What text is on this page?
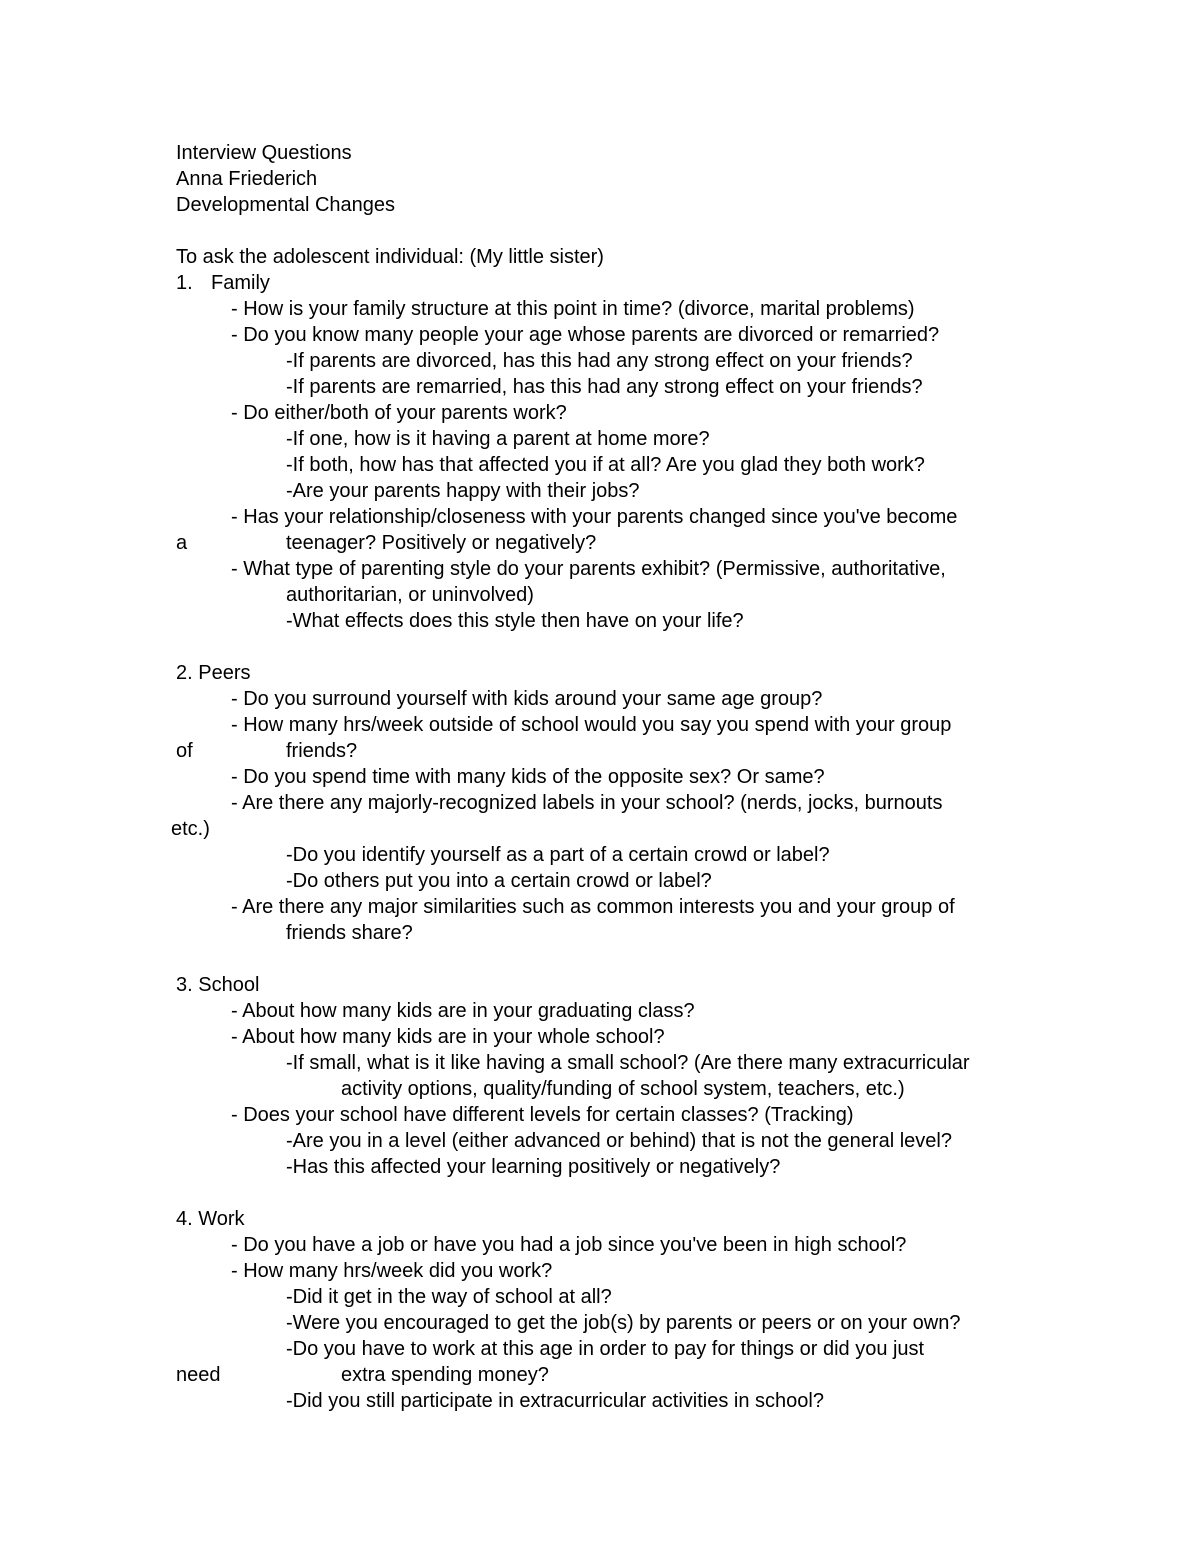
Interview Questions
Anna Friederich
Developmental Changes
To ask the adolescent individual: (My little sister)
1. Family
- How is your family structure at this point in time? (divorce, marital problems)
- Do you know many people your age whose parents are divorced or remarried?
-If parents are divorced, has this had any strong effect on your friends?
-If parents are remarried, has this had any strong effect on your friends?
- Do either/both of your parents work?
-If one, how is it having a parent at home more?
-If both, how has that affected you if at all? Are you glad they both work?
-Are your parents happy with their jobs?
- Has your relationship/closeness with your parents changed since you've become
a	teenager? Positively or negatively?
- What type of parenting style do your parents exhibit? (Permissive, authoritative,
authoritarian, or uninvolved)
-What effects does this style then have on your life?
2. Peers
- Do you surround yourself with kids around your same age group?
- How many hrs/week outside of school would you say you spend with your group
of	friends?
- Do you spend time with many kids of the opposite sex? Or same?
- Are there any majorly-recognized labels in your school? (nerds, jocks, burnouts
etc.)
-Do you identify yourself as a part of a certain crowd or label?
-Do others put you into a certain crowd or label?
- Are there any major similarities such as common interests you and your group of
friends share?
3. School
- About how many kids are in your graduating class?
- About how many kids are in your whole school?
-If small, what is it like having a small school? (Are there many extracurricular
activity options, quality/funding of school system, teachers, etc.)
- Does your school have different levels for certain classes? (Tracking)
-Are you in a level (either advanced or behind) that is not the general level?
-Has this affected your learning positively or negatively?
4. Work
- Do you have a job or have you had a job since you've been in high school?
- How many hrs/week did you work?
-Did it get in the way of school at all?
-Were you encouraged to get the job(s) by parents or peers or on your own?
-Do you have to work at this age in order to pay for things or did you just
need	extra spending money?
-Did you still participate in extracurricular activities in school?
